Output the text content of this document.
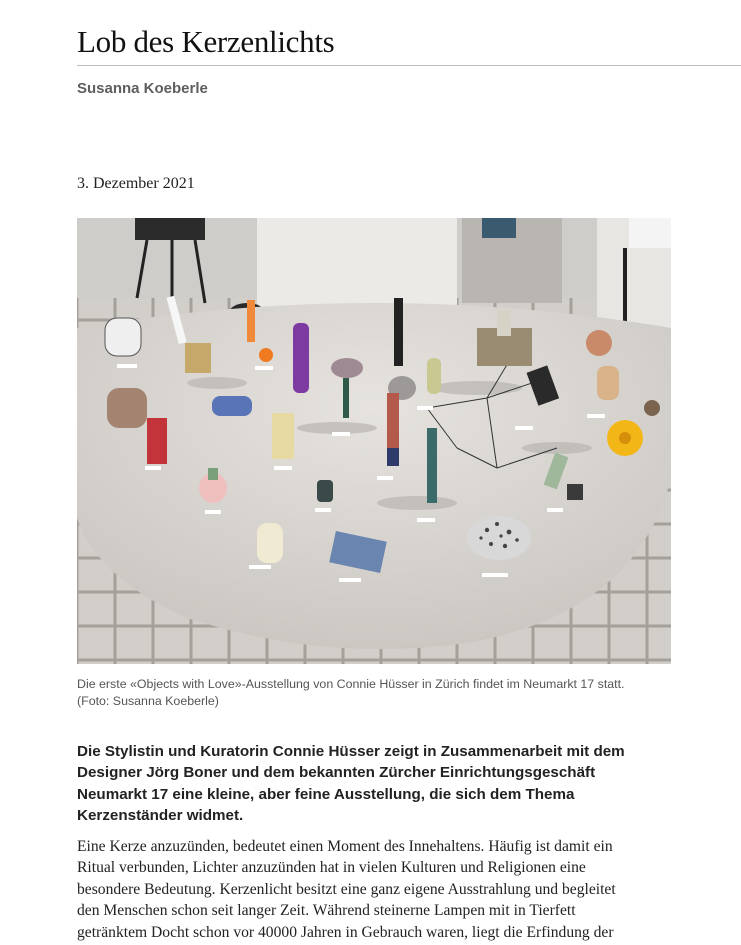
Lob des Kerzenlichts
Susanna Koeberle
3. Dezember 2021
Die erste «Objects with Love»-Ausstellung von Connie Hüsser in Zürich findet im Neumarkt 17 statt.
(Foto: Susanna Koeberle)

Die Stylistin und Kuratorin Connie Hüsser zeigt in Zusammenarbeit mit dem
Designer Jörg Boner und dem bekannten Zürcher Einrichtungsgeschäft
Neumarkt 17 eine kleine, aber feine Ausstellung, die sich dem Thema
Kerzenständer widmet.

Eine Kerze anzuzünden, bedeutet einen Moment des Innehaltens. Häufig ist damit ein
Ritual verbunden, Lichter anzuzünden hat in vielen Kulturen und Religionen eine
besondere Bedeutung. Kerzenlicht besitzt eine ganz eigene Ausstrahlung und begleitet
den Menschen schon seit langer Zeit. Während steinerne Lampen mit in Tierfett
getränktem Docht schon vor 40000 Jahren in Gebrauch waren, liegt die Erfindung der
